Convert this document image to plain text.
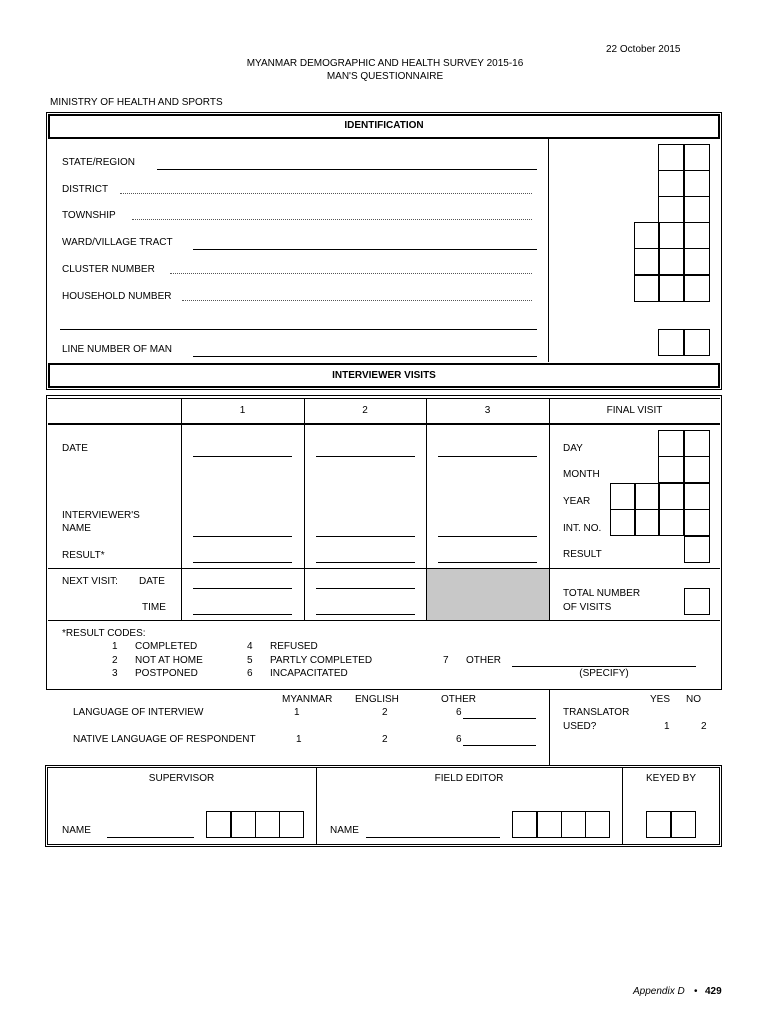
22 October 2015
MYANMAR DEMOGRAPHIC AND HEALTH SURVEY 2015-16
MAN'S QUESTIONNAIRE
MINISTRY OF HEALTH AND SPORTS
IDENTIFICATION
STATE/REGION
DISTRICT
TOWNSHIP
WARD/VILLAGE TRACT
CLUSTER NUMBER
HOUSEHOLD NUMBER
LINE NUMBER OF MAN
INTERVIEWER VISITS
1	2	3	FINAL VISIT
DATE
INTERVIEWER'S
NAME
RESULT*
NEXT VISIT: DATE
TIME
DAY
MONTH
YEAR
INT. NO.
RESULT
TOTAL NUMBER
OF VISITS
*RESULT CODES:
1 COMPLETED
2 NOT AT HOME
3 POSTPONED
4 REFUSED
5 PARTLY COMPLETED
6 INCAPACITATED
7 OTHER
(SPECIFY)
MYANMAR ENGLISH	OTHER
LANGUAGE OF INTERVIEW	1	2	6
NATIVE LANGUAGE OF RESPONDENT	1	2	6
YES NO
TRANSLATOR
USED?	1	2
SUPERVISOR	FIELD EDITOR	KEYED BY
NAME	NAME
Appendix D • 429
